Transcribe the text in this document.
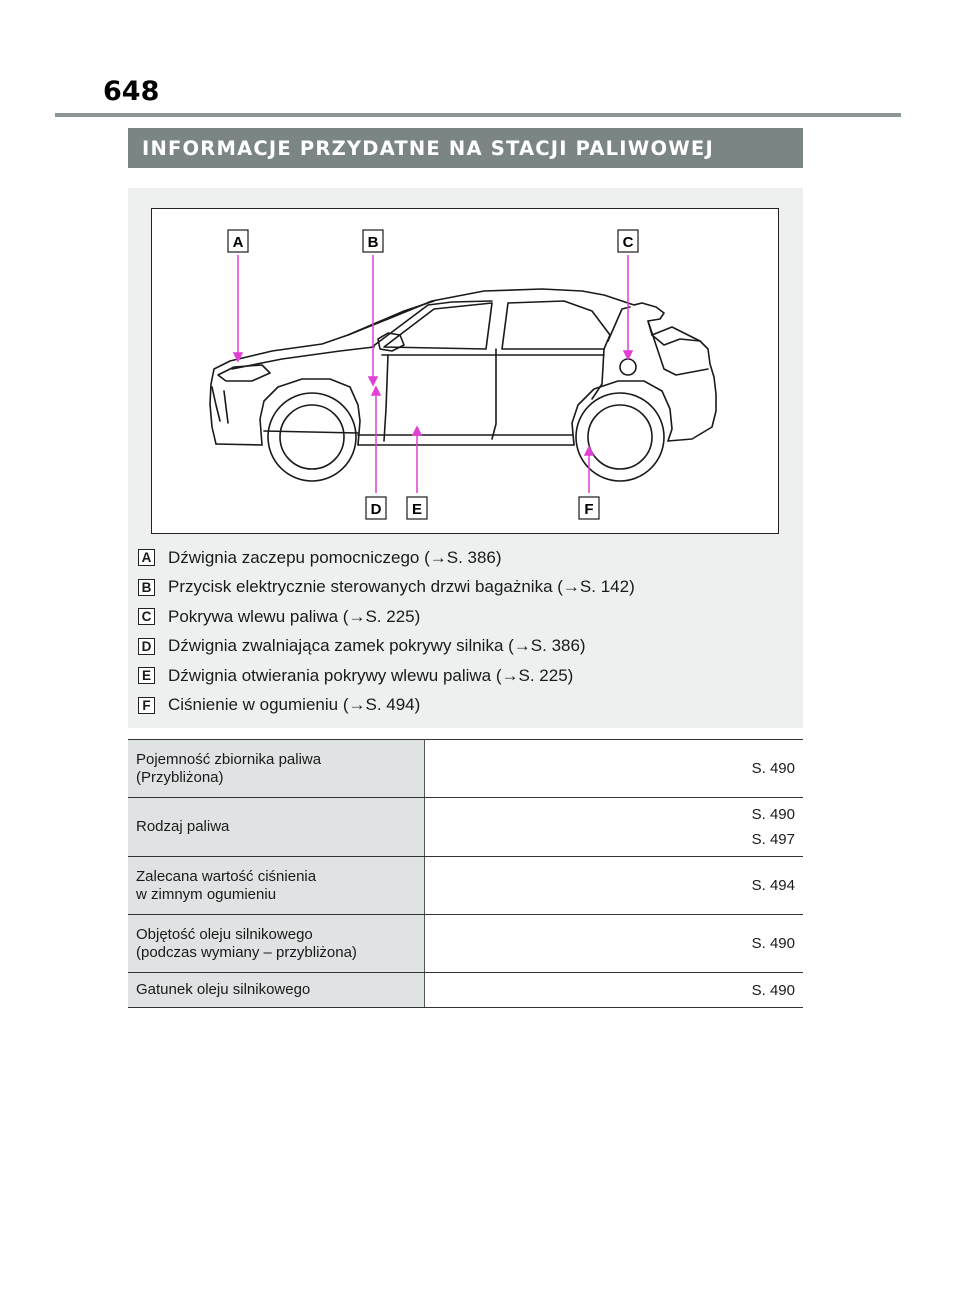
648
INFORMACJE PRZYDATNE NA STACJI PALIWOWEJ
A	B	C
D E	F
A Dźwignia zaczepu pomocniczego (→S. 386)
B Przycisk elektrycznie sterowanych drzwi bagażnika (→S. 142)
C Pokrywa wlewu paliwa (→S. 225)
D Dźwignia zwalniająca zamek pokrywy silnika (→S. 386)
E Dźwignia otwierania pokrywy wlewu paliwa (→S. 225)
F Ciśnienie w ogumieniu (→S. 494)
Pojemność zbiornika paliwa
(Przybliżona)	S. 490

Rodzaj paliwa	S. 490
S. 497

Zalecana wartość ciśnienia
w zimnym ogumieniu	S. 494

Objętość oleju silnikowego
(podczas wymiany – przybliżona)	S. 490

Gatunek oleju silnikowego	S. 490
